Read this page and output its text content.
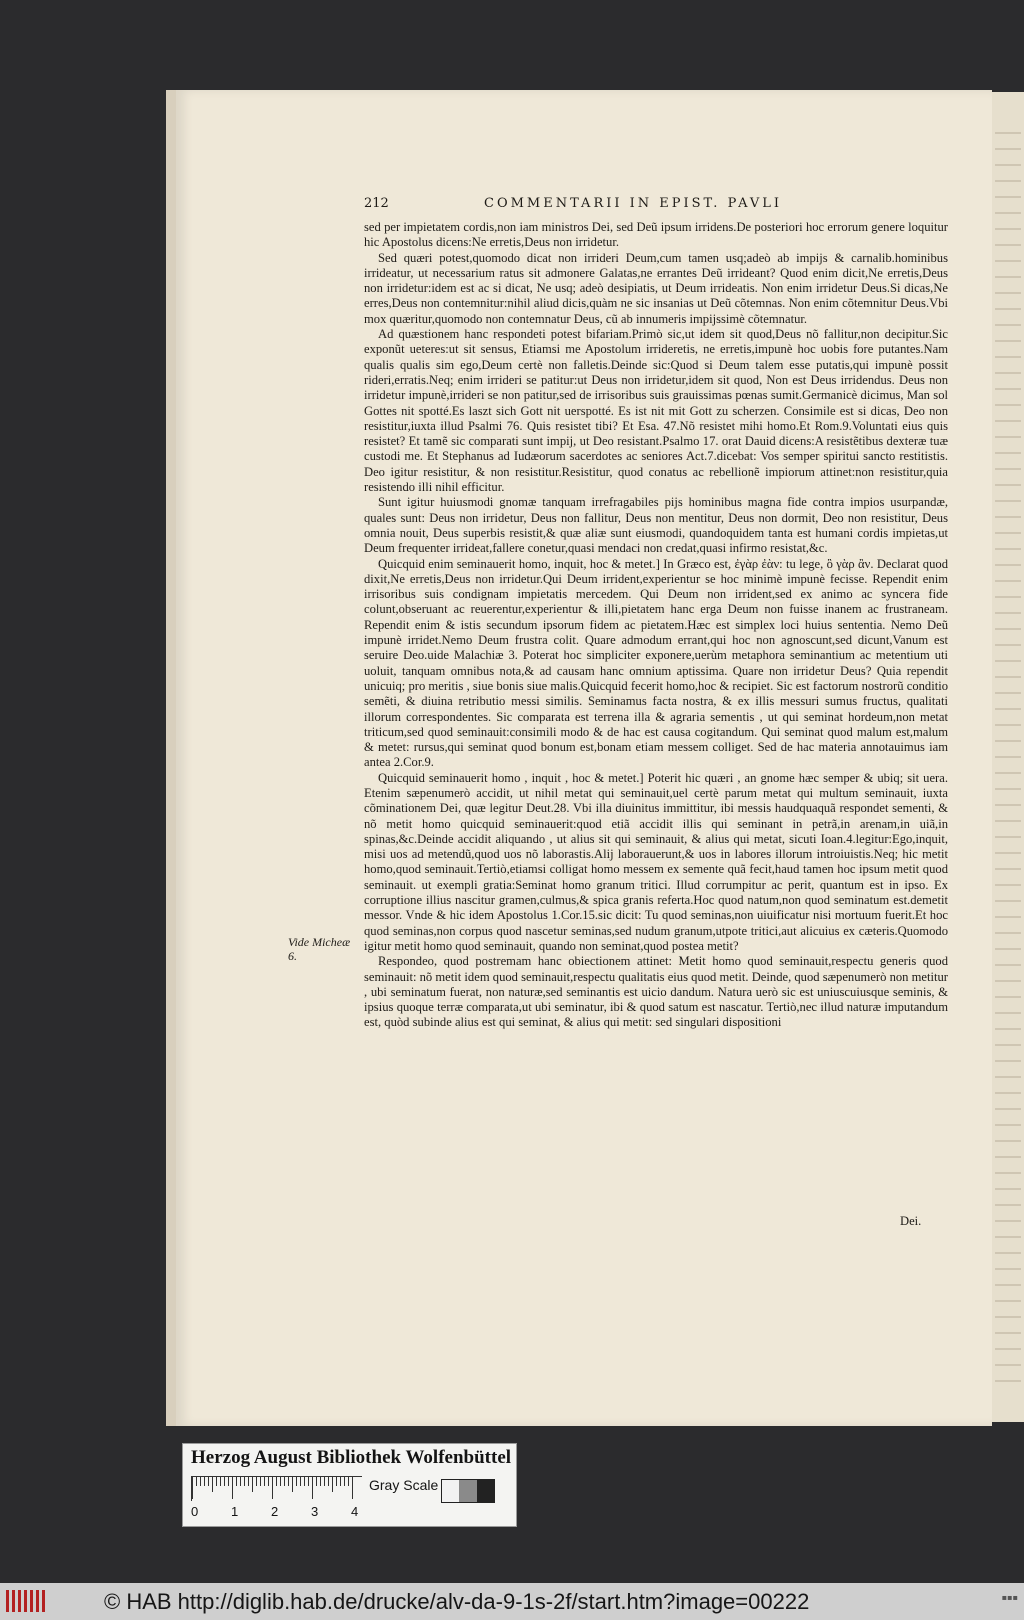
212	COMMENTARII IN EPIST. PAVLI

sed per impietatem cordis,non iam ministros Dei, sed Deũ ipsum irridens.De posteriori hoc errorum genere loquitur hic Apostolus dicens:Ne erretis,Deus non irridetur.

Sed quæri potest,quomodo dicat non irrideri Deum,cum tamen usq;adeò ab impijs & carnalib.hominibus irrideatur, ut necessarium ratus sit admonere Galatas,ne errantes Deũ irrideant? Quod enim dicit,Ne erretis,Deus non irridetur:idem est ac si dicat, Ne usq; adeò desipiatis, ut Deum irrideatis. Non enim irridetur Deus.Si dicas,Ne erres,Deus non contemnitur:nihil aliud dicis,quàm ne sic insanias ut Deũ cõtemnas. Non enim cõtemnitur Deus.Vbi mox quæritur,quomodo non contemnatur Deus, cũ ab innumeris impijssimè cõtemnatur.

Ad quæstionem hanc respondeti potest bifariam.Primò sic,ut idem sit quod,Deus nõ fallitur,non decipitur.Sic exponũt ueteres:ut sit sensus, Etiamsi me Apostolum irrideretis, ne erretis,impunè hoc uobis fore putantes.Nam qualis qualis sim ego,Deum certè non falletis.Deinde sic:Quod si Deum talem esse putatis,qui impunè possit rideri,erratis.Neq; enim irrideri se patitur:ut Deus non irridetur,idem sit quod, Non est Deus irridendus. Deus non irridetur impunè,irrideri se non patitur,sed de irrisoribus suis grauissimas pœnas sumit.Germanicè dicimus, Man sol Gottes nit spotté.Es laszt sich Gott nit uerspotté. Es ist nit mit Gott zu scherzen. Consimile est si dicas, Deo non resistitur,iuxta illud Psalmi 76. Quis resistet tibi? Et Esa. 47.Nõ resistet mihi homo.Et Rom.9.Voluntati eius quis resistet? Et tamẽ sic comparati sunt impij, ut Deo resistant.Psalmo 17. orat Dauid dicens:A resistẽtibus dexteræ tuæ custodi me. Et Stephanus ad Iudæorum sacerdotes ac seniores Act.7.dicebat: Vos semper spiritui sancto restitistis. Deo igitur resistitur, & non resistitur.Resistitur, quod conatus ac rebellionẽ impiorum attinet:non resistitur,quia resistendo illi nihil efficitur.

Sunt igitur huiusmodi gnomæ tanquam irrefragabiles pijs hominibus magna fide contra impios usurpandæ, quales sunt: Deus non irridetur, Deus non fallitur, Deus non mentitur, Deus non dormit, Deo non resistitur, Deus omnia nouit, Deus superbis resistit,& quæ aliæ sunt eiusmodi, quandoquidem tanta est humani cordis impietas,ut Deum frequenter irrideat,fallere conetur,quasi mendaci non credat,quasi infirmo resistat,&c.

Quicquid enim seminauerit homo, inquit, hoc & metet.] In Græco est, ἐγὰρ ἐὰν: tu lege, ὃ γὰρ ἂν. Declarat quod dixit,Ne erretis,Deus non irridetur.Qui Deum irrident,experientur se hoc minimè impunè fecisse. Rependit enim irrisoribus suis condignam impietatis mercedem. Qui Deum non irrident,sed ex animo ac syncera fide colunt,obseruant ac reuerentur,experientur & illi,pietatem hanc erga Deum non fuisse inanem ac frustraneam. Rependit enim & istis secundum ipsorum fidem ac pietatem.Hæc est simplex loci huius sententia. Nemo Deũ impunè irridet.Nemo Deum frustra colit. Quare admodum errant,qui hoc non agnoscunt,sed dicunt,Vanum est seruire Deo.uide Malachiæ 3. Poterat hoc simpliciter exponere,uerùm metaphora seminantium ac metentium uti uoluit, tanquam omnibus nota,& ad causam hanc omnium aptissima. Quare non irridetur Deus? Quia rependit unicuiq; pro meritis , siue bonis siue malis.Quicquid fecerit homo,hoc & recipiet. Sic est factorum nostrorũ conditio semẽti, & diuina retributio messi similis. Seminamus facta nostra, & ex illis messuri sumus fructus, qualitati illorum correspondentes. Sic comparata est terrena illa & agraria sementis , ut qui seminat hordeum,non metat triticum,sed quod seminauit:consimili modo & de hac est causa cogitandum. Qui seminat quod malum est,malum & metet: rursus,qui seminat quod bonum est,bonam etiam messem colliget. Sed de hac materia annotauimus iam antea 2.Cor.9.

Quicquid seminauerit homo , inquit , hoc & metet.] Poterit hic quæri , an gnome hæc semper & ubiq; sit uera. Etenim sæpenumerò accidit, ut nihil metat qui seminauit,uel certè parum metat qui multum seminauit, iuxta cõminationem Dei, quæ legitur Deut.28. Vbi illa diuinitus immittitur, ibi messis haudquaquã respondet sementi, & nõ metit homo quicquid seminauerit:quod etiã accidit illis qui seminant in petrã,in arenam,in uiã,in spinas,&c.Deinde accidit aliquando , ut alius sit qui seminauit, & alius qui metat, sicuti Ioan.4.legitur:Ego,inquit, misi uos ad metendũ,quod uos nõ laborastis.Alij laborauerunt,& uos in labores illorum introiuistis.Neq; hic metit homo,quod seminauit.Tertiò,etiamsi colligat homo messem ex semente quã fecit,haud tamen hoc ipsum metit quod seminauit. ut exempli gratia:Seminat homo granum tritici. Illud corrumpitur ac perit, quantum est in ipso. Ex corruptione illius nascitur gramen,culmus,& spica granis referta.Hoc quod natum,non quod seminatum est.demetit messor. Vnde & hic idem Apostolus 1.Cor.15.sic dicit: Tu quod seminas,non uiuificatur nisi mortuum fuerit.Et hoc quod seminas,non corpus quod nascetur seminas,sed nudum granum,utpote tritici,aut alicuius ex cæteris.Quomodo igitur metit homo quod seminauit, quando non seminat,quod postea metit?

Respondeo, quod postremam hanc obiectionem attinet: Metit homo quod seminauit,respectu generis quod seminauit: nõ metit idem quod seminauit,respectu qualitatis eius quod metit. Deinde, quod sæpenumerò non metitur , ubi seminatum fuerat, non naturæ,sed seminantis est uicio dandum. Natura uerò sic est uniuscuiusque seminis, & ipsius quoque terræ comparata,ut ubi seminatur, ibi & quod satum est nascatur. Tertiò,nec illud naturæ imputandum est, quòd subinde alius est qui seminat, & alius qui metit: sed singulari dispositioni

Vide Micheæ 6.
Dei.
Herzog August Bibliothek Wolfenbüttel
0	1	2	3	4
Gray Scale
© HAB http://diglib.hab.de/drucke/alv-da-9-1s-2f/start.htm?image=00222	▪▪▪
